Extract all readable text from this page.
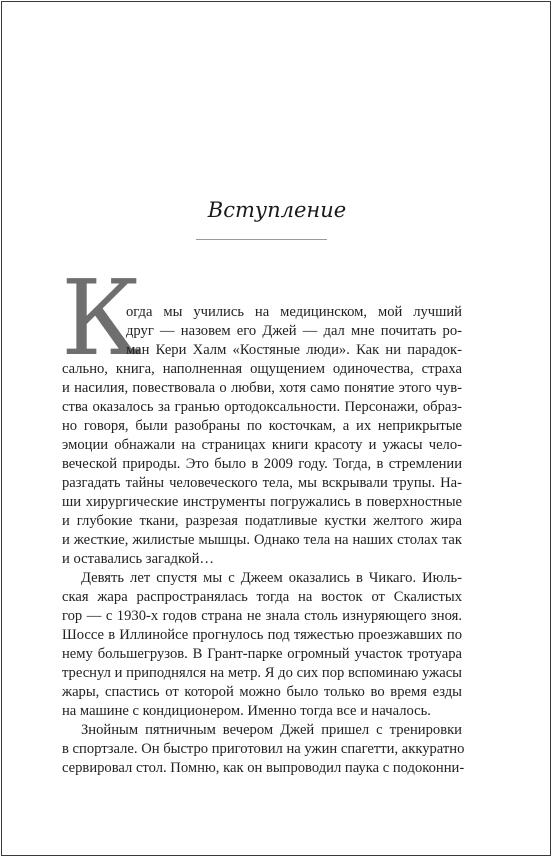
Вступление
К
огда мы учились на медицинском, мой лучший
друг — назовем его Джей — дал мне почитать ро-
ман Кери Халм «Костяные люди». Как ни парадок-
сально, книга, наполненная ощущением одиночества, страха
и насилия, повествовала о любви, хотя само понятие этого чув-
ства оказалось за гранью ортодоксальности. Персонажи, образ-
но говоря, были разобраны по косточкам, а их неприкрытые
эмоции обнажали на страницах книги красоту и ужасы чело-
веческой природы. Это было в 2009 году. Тогда, в стремлении
разгадать тайны человеческого тела, мы вскрывали трупы. На-
ши хирургические инструменты погружались в поверхностные
и глубокие ткани, разрезая податливые кустки желтого жира
и жесткие, жилистые мышцы. Однако тела на наших столах так
и оставались загадкой…
Девять лет спустя мы с Джеем оказались в Чикаго. Июль-
ская жара распространялась тогда на восток от Скалистых
гор — с 1930-х годов страна не знала столь изнуряющего зноя.
Шоссе в Иллинойсе прогнулось под тяжестью проезжавших по
нему большегрузов. В Грант-парке огромный участок тротуара
треснул и приподнялся на метр. Я до сих пор вспоминаю ужасы
жары, спастись от которой можно было только во время езды
на машине с кондиционером. Именно тогда все и началось.
Знойным пятничным вечером Джей пришел с тренировки
в спортзале. Он быстро приготовил на ужин спагетти, аккуратно
сервировал стол. Помню, как он выпроводил паука с подоконни-
